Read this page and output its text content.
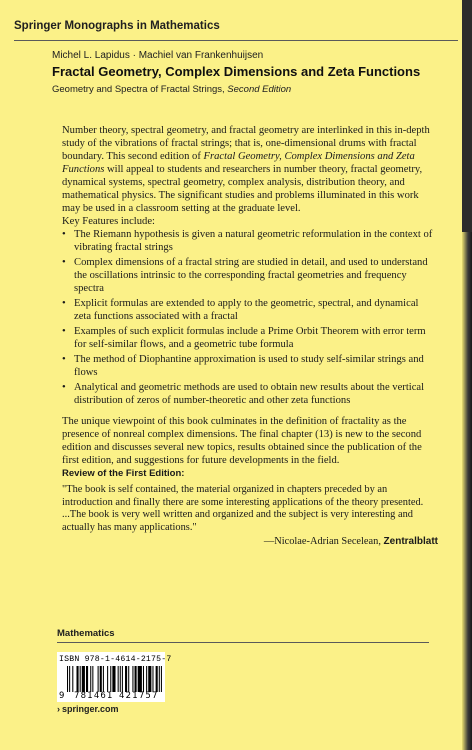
Springer Monographs in Mathematics
Michel L. Lapidus · Machiel van Frankenhuijsen
Fractal Geometry, Complex Dimensions and Zeta Functions
Geometry and Spectra of Fractal Strings, Second Edition

Number theory, spectral geometry, and fractal geometry are interlinked in this in-depth study of the vibrations of fractal strings; that is, one-dimensional drums with fractal boundary. This second edition of Fractal Geometry, Complex Dimensions and Zeta Functions will appeal to students and researchers in number theory, fractal geometry, dynamical systems, spectral geometry, complex analysis, distribution theory, and mathematical physics. The significant studies and problems illuminated in this work may be used in a classroom setting at the graduate level.

Key Features include:

• The Riemann hypothesis is given a natural geometric reformulation in the context of vibrating fractal strings
• Complex dimensions of a fractal string are studied in detail, and used to understand the oscillations intrinsic to the corresponding fractal geometries and frequency spectra
• Explicit formulas are extended to apply to the geometric, spectral, and dynamical zeta functions associated with a fractal
• Examples of such explicit formulas include a Prime Orbit Theorem with error term for self-similar flows, and a geometric tube formula
• The method of Diophantine approximation is used to study self-similar strings and flows
• Analytical and geometric methods are used to obtain new results about the vertical distribution of zeros of number-theoretic and other zeta functions

The unique viewpoint of this book culminates in the definition of fractality as the presence of nonreal complex dimensions. The final chapter (13) is new to the second edition and discusses several new topics, results obtained since the publication of the first edition, and suggestions for future developments in the field.

Review of the First Edition:

"The book is self contained, the material organized in chapters preceded by an introduction and finally there are some interesting applications of the theory presented. ...The book is very well written and organized and the subject is very interesting and actually has many applications."

—Nicolae-Adrian Secelean, Zentralblatt

Mathematics
ISBN 978-1-4614-2175-7
9 781461 421757
› springer.com
